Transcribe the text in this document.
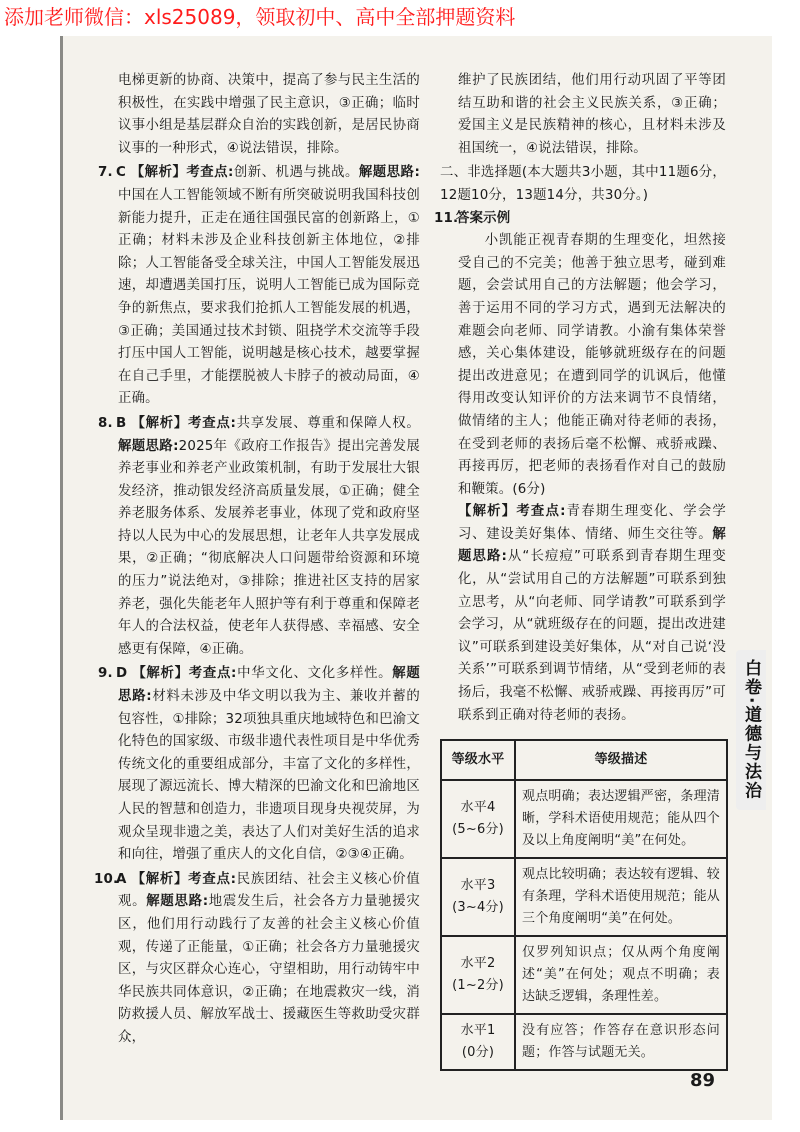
添加老师微信：xls25089，领取初中、高中全部押题资料

电梯更新的协商、决策中，提高了参与民主生活的积极性，在实践中增强了民主意识，③正确；临时议事小组是基层群众自治的实践创新，是居民协商议事的一种形式，④说法错误，排除。

7. C 【解析】考查点:创新、机遇与挑战。解题思路:中国在人工智能领域不断有所突破说明我国科技创新能力提升，正走在通往国强民富的创新路上，①正确；材料未涉及企业科技创新主体地位，②排除；人工智能备受全球关注，中国人工智能发展迅速，却遭遇美国打压，说明人工智能已成为国际竞争的新焦点，要求我们抢抓人工智能发展的机遇，③正确；美国通过技术封锁、阻挠学术交流等手段打压中国人工智能，说明越是核心技术，越要掌握在自己手里，才能摆脱被人卡脖子的被动局面，④正确。

8. B 【解析】考查点:共享发展、尊重和保障人权。解题思路:2025年《政府工作报告》提出完善发展养老事业和养老产业政策机制，有助于发展壮大银发经济，推动银发经济高质量发展，①正确；健全养老服务体系、发展养老事业，体现了党和政府坚持以人民为中心的发展思想，让老年人共享发展成果，②正确；“彻底解决人口问题带给资源和环境的压力”说法绝对，③排除；推进社区支持的居家养老，强化失能老年人照护等有利于尊重和保障老年人的合法权益，使老年人获得感、幸福感、安全感更有保障，④正确。

9. D 【解析】考查点:中华文化、文化多样性。解题思路:材料未涉及中华文明以我为主、兼收并蓄的包容性，①排除；32项独具重庆地域特色和巴渝文化特色的国家级、市级非遗代表性项目是中华优秀传统文化的重要组成部分，丰富了文化的多样性，展现了源远流长、博大精深的巴渝文化和巴渝地区人民的智慧和创造力，非遗项目现身央视荧屏，为观众呈现非遗之美，表达了人们对美好生活的追求和向往，增强了重庆人的文化自信，②③④正确。

10.A 【解析】考查点:民族团结、社会主义核心价值观。解题思路:地震发生后，社会各方力量驰援灾区，他们用行动践行了友善的社会主义核心价值观，传递了正能量，①正确；社会各方力量驰援灾区，与灾区群众心连心，守望相助，用行动铸牢中华民族共同体意识，②正确；在地震救灾一线，消防救援人员、解放军战士、援藏医生等救助受灾群众，

维护了民族团结，他们用行动巩固了平等团结互助和谐的社会主义民族关系，③正确；爱国主义是民族精神的核心，且材料未涉及祖国统一，④说法错误，排除。

二、非选择题(本大题共3小题，其中11题6分，12题10分，13题14分，共30分。)

11.答案示例

小凯能正视青春期的生理变化，坦然接受自己的不完美；他善于独立思考，碰到难题，会尝试用自己的方法解题；他会学习，善于运用不同的学习方式，遇到无法解决的难题会向老师、同学请教。小渝有集体荣誉感，关心集体建设，能够就班级存在的问题提出改进意见；在遭到同学的讥讽后，他懂得用改变认知评价的方法来调节不良情绪，做情绪的主人；他能正确对待老师的表扬，在受到老师的表扬后毫不松懈、戒骄戒躁、再接再厉，把老师的表扬看作对自己的鼓励和鞭策。(6分)

【解析】考查点:青春期生理变化、学会学习、建设美好集体、情绪、师生交往等。解题思路:从“长痘痘”可联系到青春期生理变化，从“尝试用自己的方法解题”可联系到独立思考，从“向老师、同学请教”可联系到学会学习，从“就班级存在的问题，提出改进建议”可联系到建设美好集体，从“对自己说‘没关系’”可联系到调节情绪，从“受到老师的表扬后，我毫不松懈、戒骄戒躁、再接再厉”可联系到正确对待老师的表扬。

等级水平	等级描述

水平4
(5~6分)	观点明确；表达逻辑严密，条理清晰，学科术语使用规范；能从四个及以上角度阐明“美”在何处。

水平3
(3~4分)	观点比较明确；表达较有逻辑、较有条理，学科术语使用规范；能从三个角度阐明“美”在何处。

水平2
(1~2分)	仅罗列知识点；仅从两个角度阐述“美”在何处；观点不明确；表达缺乏逻辑，条理性差。

水平1
(0分)	没有应答；作答存在意识形态问题；作答与试题无关。
白卷·道德与法治
89
